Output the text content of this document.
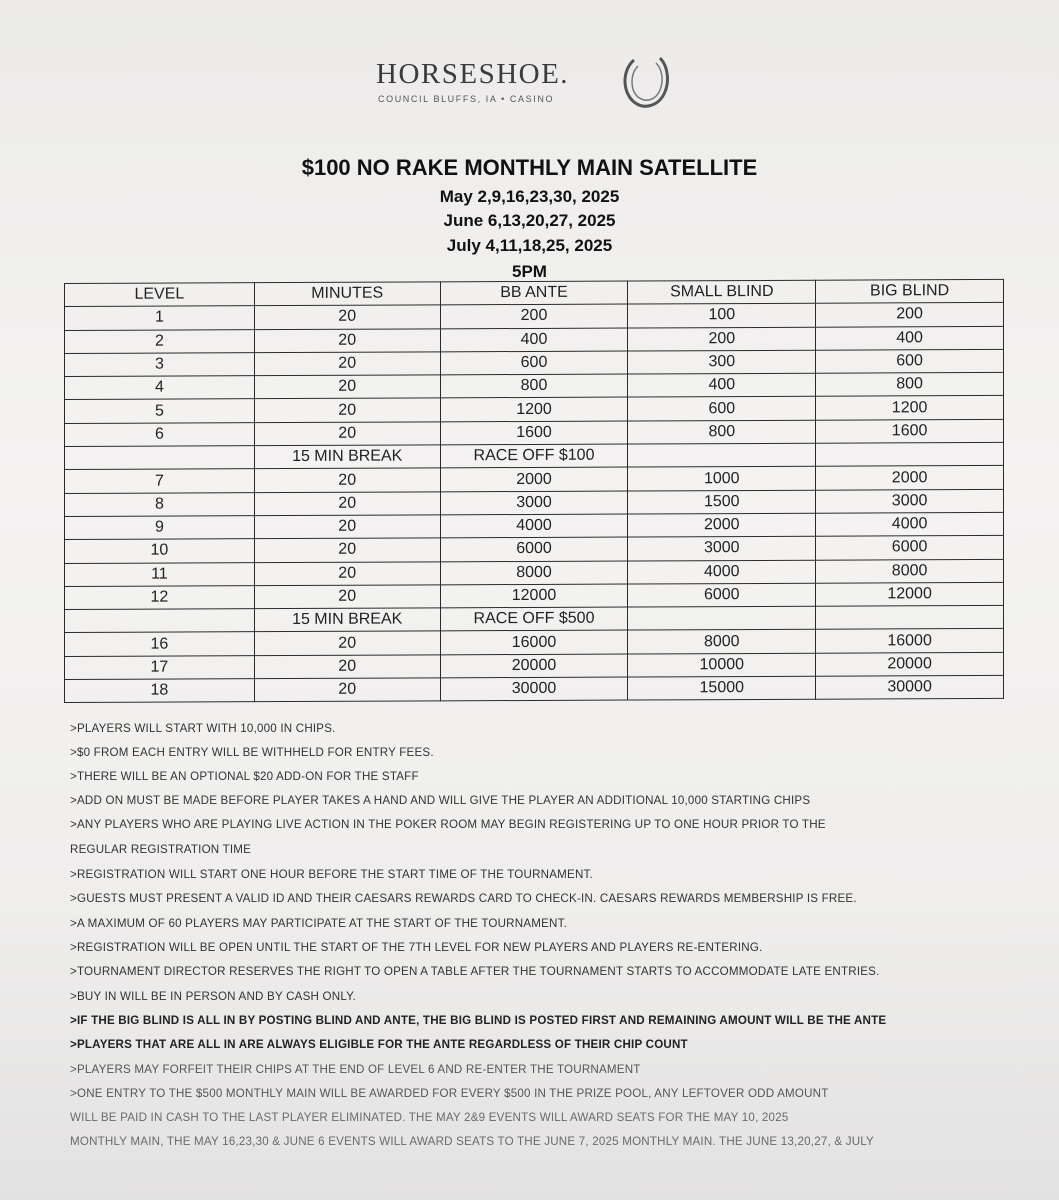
HORSESHOE.
COUNCIL BLUFFS, IA • CASINO
$100 NO RAKE MONTHLY MAIN SATELLITE
May 2,9,16,23,30, 2025
June 6,13,20,27, 2025
July 4,11,18,25, 2025
5PM
LEVEL	MINUTES	BB ANTE	SMALL BLIND	BIG BLIND
1	20	200	100	200
2	20	400	200	400
3	20	600	300	600
4	20	800	400	800
5	20	1200	600	1200
6	20	1600	800	1600
	15 MIN BREAK	RACE OFF $100		
7	20	2000	1000	2000
8	20	3000	1500	3000
9	20	4000	2000	4000
10	20	6000	3000	6000
11	20	8000	4000	8000
12	20	12000	6000	12000
	15 MIN BREAK	RACE OFF $500		
16	20	16000	8000	16000
17	20	20000	10000	20000
18	20	30000	15000	30000
>PLAYERS WILL START WITH 10,000 IN CHIPS.
>$0 FROM EACH ENTRY WILL BE WITHHELD FOR ENTRY FEES.
>THERE WILL BE AN OPTIONAL $20 ADD-ON FOR THE STAFF
>ADD ON MUST BE MADE BEFORE PLAYER TAKES A HAND AND WILL GIVE THE PLAYER AN ADDITIONAL 10,000 STARTING CHIPS
>ANY PLAYERS WHO ARE PLAYING LIVE ACTION IN THE POKER ROOM MAY BEGIN REGISTERING UP TO ONE HOUR PRIOR TO THE
REGULAR REGISTRATION TIME
>REGISTRATION WILL START ONE HOUR BEFORE THE START TIME OF THE TOURNAMENT.
>GUESTS MUST PRESENT A VALID ID AND THEIR CAESARS REWARDS CARD TO CHECK-IN. CAESARS REWARDS MEMBERSHIP IS FREE.
>A MAXIMUM OF 60 PLAYERS MAY PARTICIPATE AT THE START OF THE TOURNAMENT.
>REGISTRATION WILL BE OPEN UNTIL THE START OF THE 7TH LEVEL FOR NEW PLAYERS AND PLAYERS RE-ENTERING.
>TOURNAMENT DIRECTOR RESERVES THE RIGHT TO OPEN A TABLE AFTER THE TOURNAMENT STARTS TO ACCOMMODATE LATE ENTRIES.
>BUY IN WILL BE IN PERSON AND BY CASH ONLY.
>IF THE BIG BLIND IS ALL IN BY POSTING BLIND AND ANTE, THE BIG BLIND IS POSTED FIRST AND REMAINING AMOUNT WILL BE THE ANTE
>PLAYERS THAT ARE ALL IN ARE ALWAYS ELIGIBLE FOR THE ANTE REGARDLESS OF THEIR CHIP COUNT
>PLAYERS MAY FORFEIT THEIR CHIPS AT THE END OF LEVEL 6 AND RE-ENTER THE TOURNAMENT
>ONE ENTRY TO THE $500 MONTHLY MAIN WILL BE AWARDED FOR EVERY $500 IN THE PRIZE POOL, ANY LEFTOVER ODD AMOUNT
WILL BE PAID IN CASH TO THE LAST PLAYER ELIMINATED. THE MAY 2&9 EVENTS WILL AWARD SEATS FOR THE MAY 10, 2025
MONTHLY MAIN, THE MAY 16,23,30 & JUNE 6 EVENTS WILL AWARD SEATS TO THE JUNE 7, 2025 MONTHLY MAIN. THE JUNE 13,20,27, & JULY
